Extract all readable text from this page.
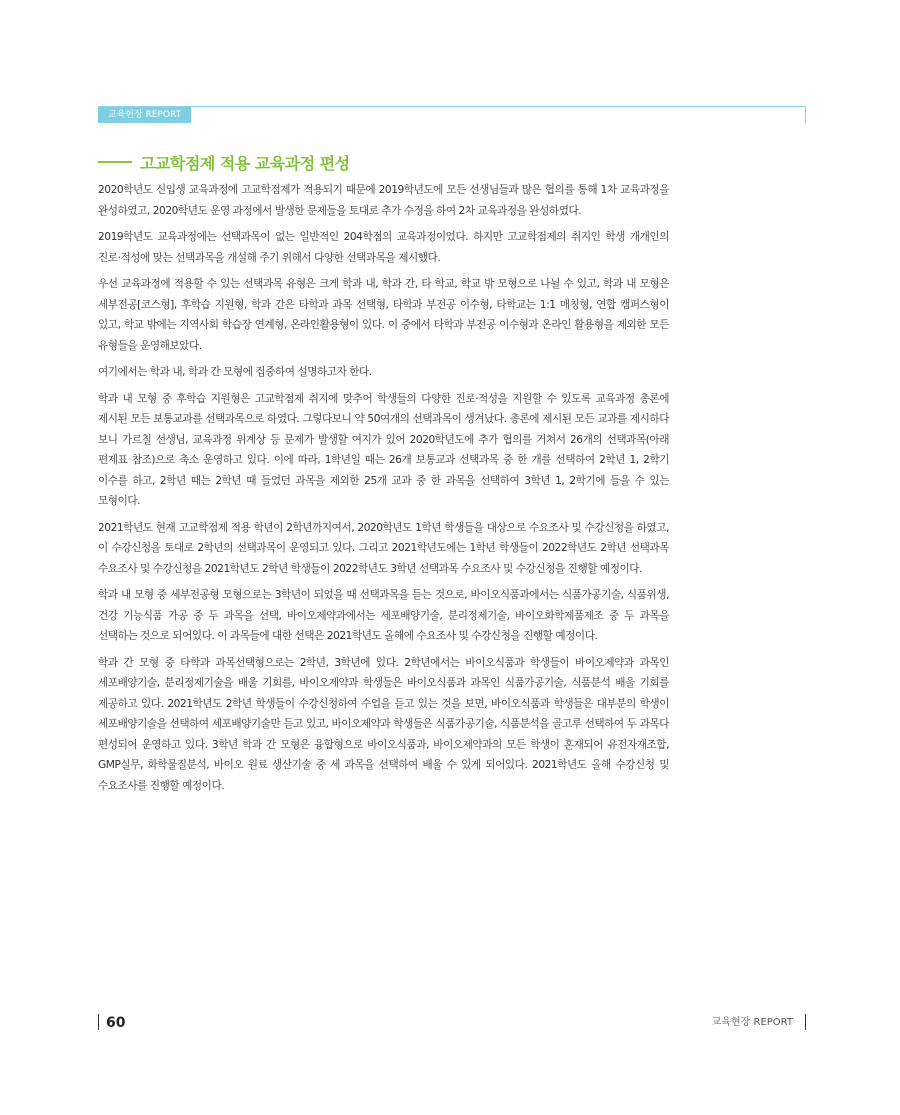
교육현장 REPORT
고교학점제 적용 교육과정 편성

2020학년도 신입생 교육과정에 고교학점제가 적용되기 때문에 2019학년도에 모든 선생님들과 많은 협의를 통해 1차 교육과정을 완성하였고, 2020학년도 운영 과정에서 발생한 문제들을 토대로 추가 수정을 하여 2차 교육과정을 완성하였다.

2019학년도 교육과정에는 선택과목이 없는 일반적인 204학점의 교육과정이었다. 하지만 고교학점제의 취지인 학생 개개인의 진로·적성에 맞는 선택과목을 개설해 주기 위해서 다양한 선택과목을 제시했다.

우선 교육과정에 적용할 수 있는 선택과목 유형은 크게 학과 내, 학과 간, 타 학교, 학교 밖 모형으로 나뉠 수 있고, 학과 내 모형은 세부전공[코스형], 후학습 지원형, 학과 간은 타학과 과목 선택형, 타학과 부전공 이수형, 타학교는 1:1 매칭형, 연합 캠퍼스형이 있고, 학교 밖에는 지역사회 학습장 연계형, 온라인활용형이 있다. 이 중에서 타학과 부전공 이수형과 온라인 활용형을 제외한 모든 유형들을 운영해보았다.

여기에서는 학과 내, 학과 간 모형에 집중하여 설명하고자 한다.

학과 내 모형 중 후학습 지원형은 고교학점제 취지에 맞추어 학생들의 다양한 진로·적성을 지원할 수 있도록 교육과정 총론에 제시된 모든 보통교과를 선택과목으로 하였다. 그렇다보니 약 50여개의 선택과목이 생겨났다. 총론에 제시된 모든 교과를 제시하다 보니 가르칠 선생님, 교육과정 위계상 등 문제가 발생할 여지가 있어 2020학년도에 추가 협의를 거쳐서 26개의 선택과목(아래 편제표 참조)으로 축소 운영하고 있다. 이에 따라, 1학년일 때는 26개 보통교과 선택과목 중 한 개를 선택하여 2학년 1, 2학기 이수를 하고, 2학년 때는 2학년 때 들었던 과목을 제외한 25개 교과 중 한 과목을 선택하여 3학년 1, 2학기에 들을 수 있는 모형이다.

2021학년도 현재 고교학점제 적용 학년이 2학년까지여서, 2020학년도 1학년 학생들을 대상으로 수요조사 및 수강신청을 하였고, 이 수강신청을 토대로 2학년의 선택과목이 운영되고 있다. 그리고 2021학년도에는 1학년 학생들이 2022학년도 2학년 선택과목 수요조사 및 수강신청을 2021학년도 2학년 학생들이 2022학년도 3학년 선택과목 수요조사 및 수강신청을 진행할 예정이다.

학과 내 모형 중 세부전공형 모형으로는 3학년이 되었을 때 선택과목을 듣는 것으로, 바이오식품과에서는 식품가공기술, 식품위생, 건강 기능식품 가공 중 두 과목을 선택, 바이오제약과에서는 세포배양기술, 분리정제기술, 바이오화학제품제조 중 두 과목을 선택하는 것으로 되어있다. 이 과목들에 대한 선택은 2021학년도 올해에 수요조사 및 수강신청을 진행할 예정이다.

학과 간 모형 중 타학과 과목선택형으로는 2학년, 3학년에 있다. 2학년에서는 바이오식품과 학생들이 바이오제약과 과목인 세포배양기술, 분리정제기술을 배울 기회를, 바이오제약과 학생들은 바이오식품과 과목인 식품가공기술, 식품분석 배울 기회를 제공하고 있다. 2021학년도 2학년 학생들이 수강신청하여 수업을 듣고 있는 것을 보면, 바이오식품과 학생들은 대부분의 학생이 세포배양기술을 선택하여 세포배양기술만 듣고 있고, 바이오제약과 학생들은 식품가공기술, 식품분석을 골고루 선택하여 두 과목다 편성되어 운영하고 있다. 3학년 학과 간 모형은 융합형으로 바이오식품과, 바이오제약과의 모든 학생이 혼재되어 유전자재조합, GMP실무, 화학물질분석, 바이오 원료 생산기술 중 세 과목을 선택하여 배울 수 있게 되어있다. 2021학년도 올해 수강신청 및 수요조사를 진행할 예정이다.

60	교육현장 REPORT
